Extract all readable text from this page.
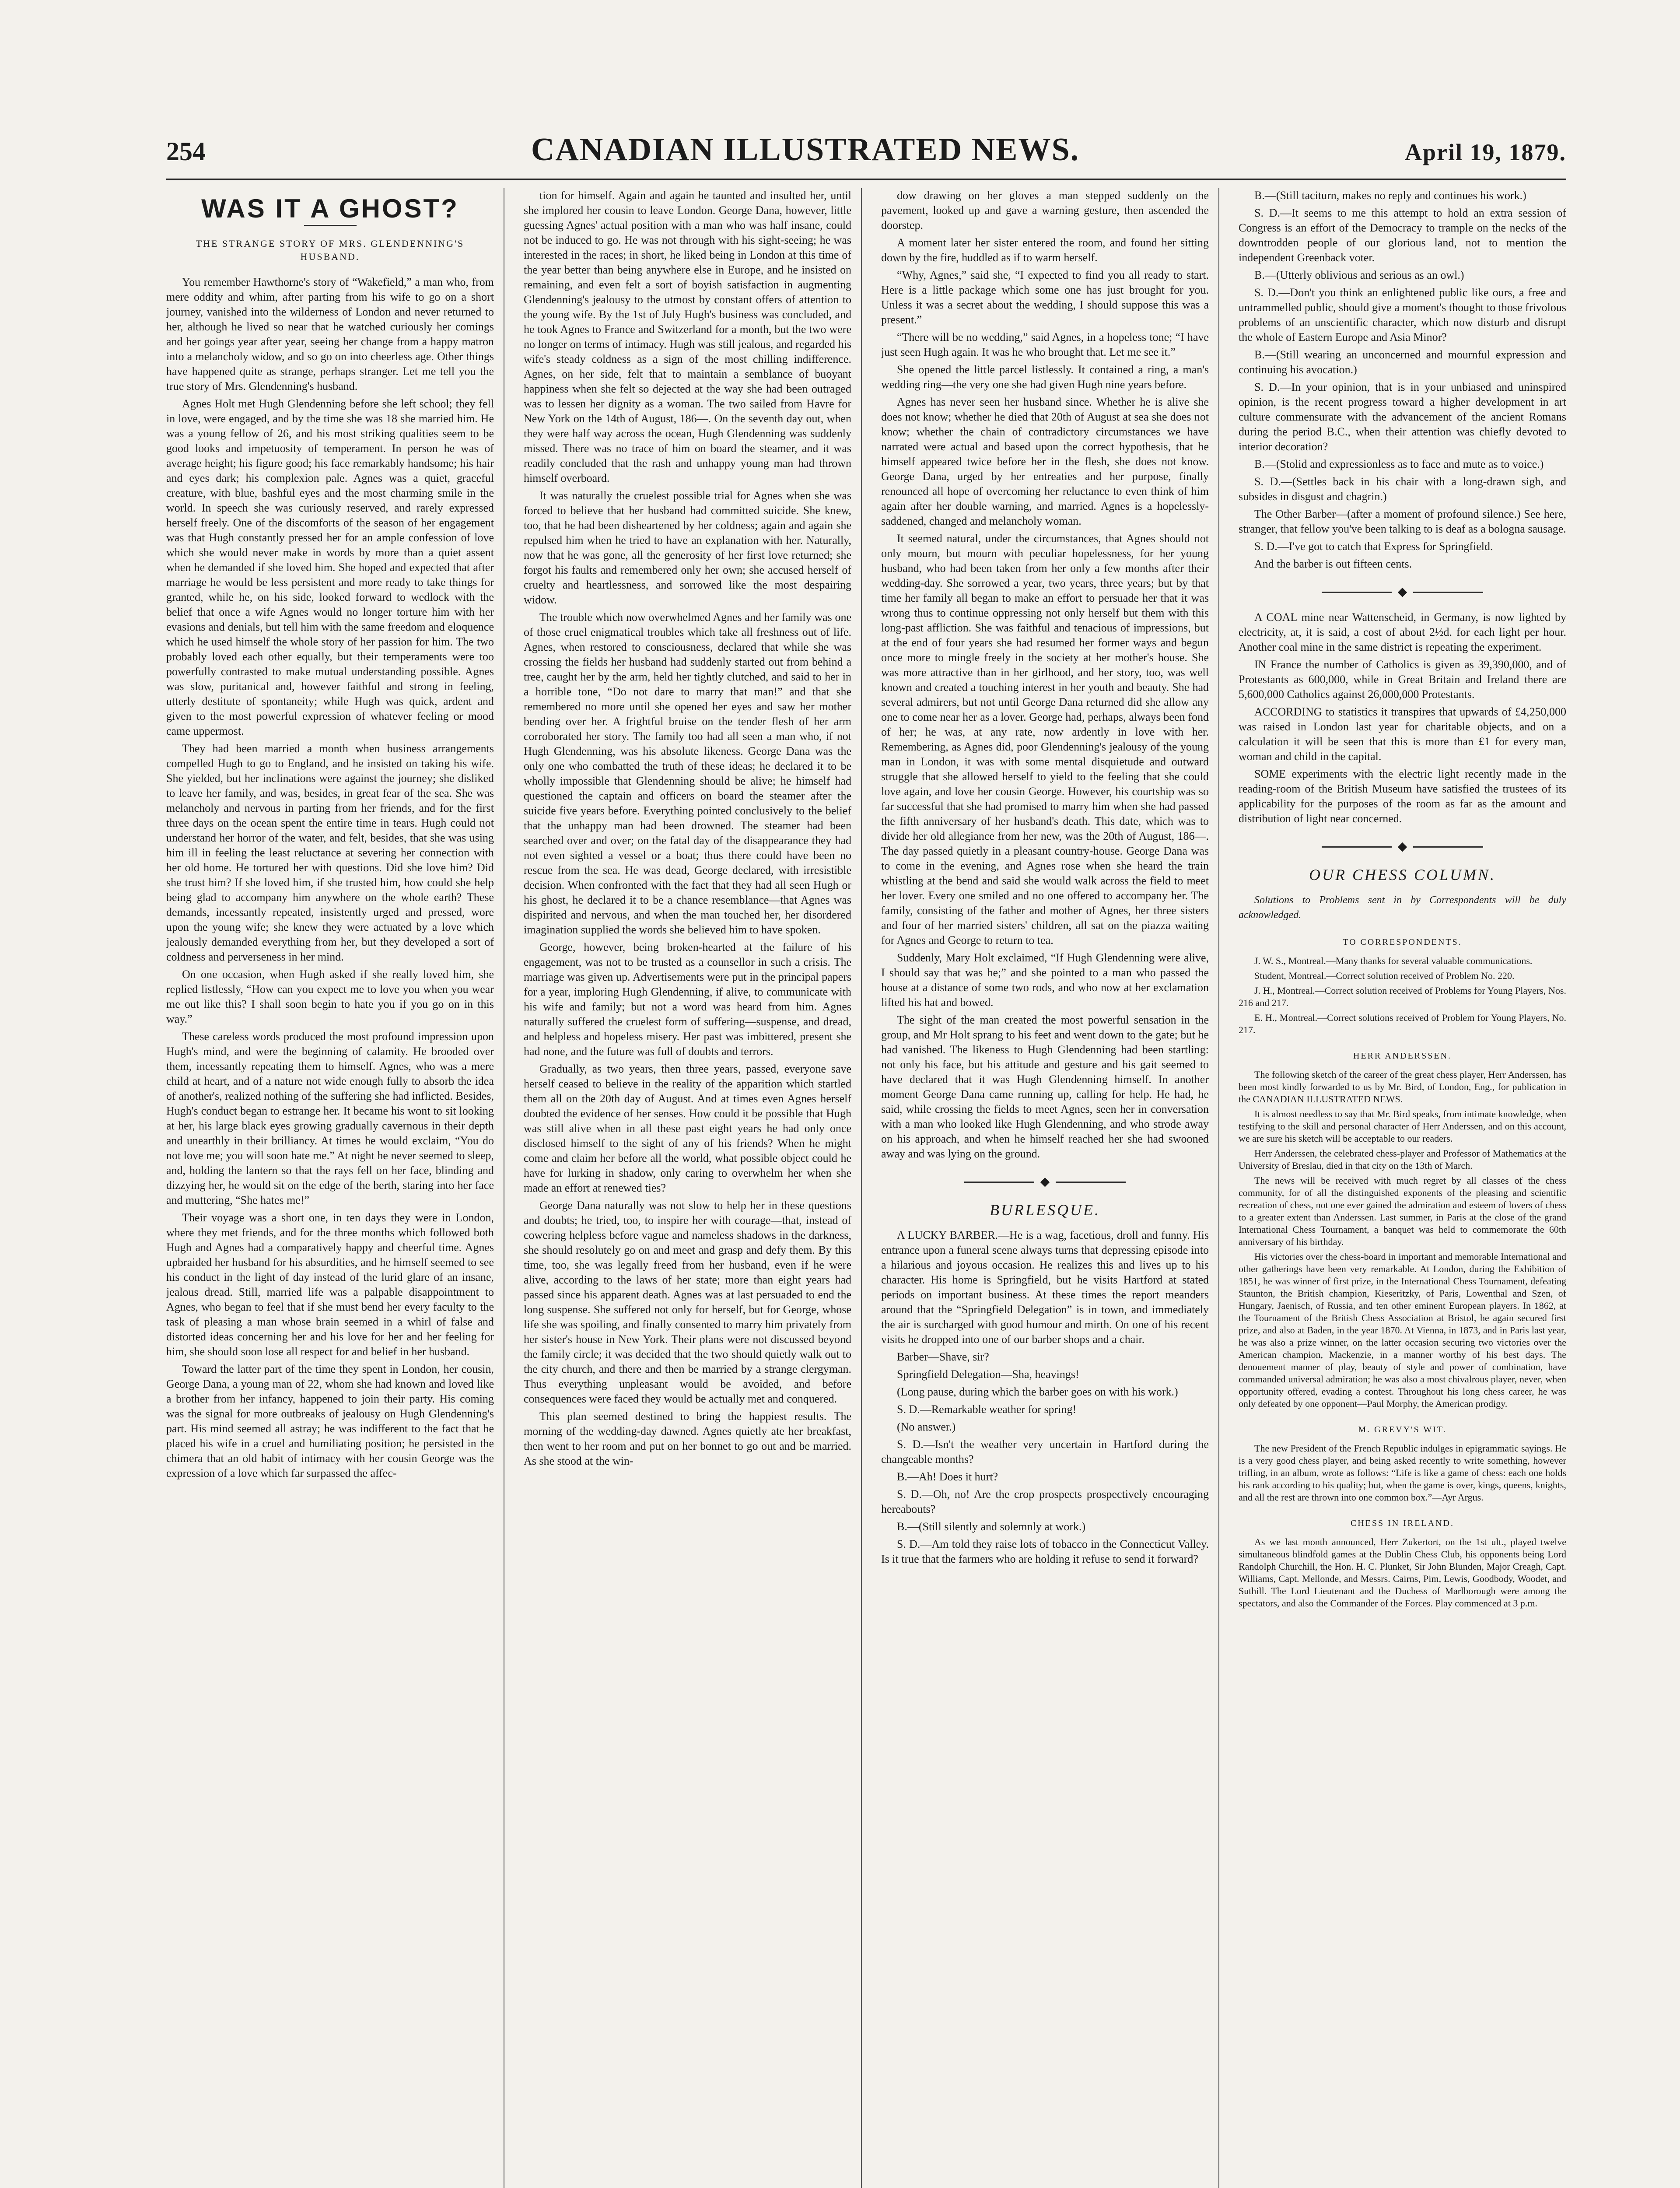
254	CANADIAN ILLUSTRATED NEWS.	April 19, 1879.
WAS IT A GHOST?
THE STRANGE STORY OF MRS. GLENDENNING'S HUSBAND.

You remember Hawthorne's story of “Wakefield,” a man who, from mere oddity and whim, after parting from his wife to go on a short journey, vanished into the wilderness of London and never returned to her, although he lived so near that he watched curiously her comings and her goings year after year, seeing her change from a happy matron into a melancholy widow, and so go on into cheerless age. Other things have happened quite as strange, perhaps stranger. Let me tell you the true story of Mrs. Glendenning's husband.

Agnes Holt met Hugh Glendenning before she left school; they fell in love, were engaged, and by the time she was 18 she married him. He was a young fellow of 26, and his most striking qualities seem to be good looks and impetuosity of temperament. In person he was of average height; his figure good; his face remarkably handsome; his hair and eyes dark; his complexion pale. Agnes was a quiet, graceful creature, with blue, bashful eyes and the most charming smile in the world. In speech she was curiously reserved, and rarely expressed herself freely. One of the discomforts of the season of her engagement was that Hugh constantly pressed her for an ample confession of love which she would never make in words by more than a quiet assent when he demanded if she loved him. She hoped and expected that after marriage he would be less persistent and more ready to take things for granted, while he, on his side, looked forward to wedlock with the belief that once a wife Agnes would no longer torture him with her evasions and denials, but tell him with the same freedom and eloquence which he used himself the whole story of her passion for him. The two probably loved each other equally, but their temperaments were too powerfully contrasted to make mutual understanding possible. Agnes was slow, puritanical and, however faithful and strong in feeling, utterly destitute of spontaneity; while Hugh was quick, ardent and given to the most powerful expression of whatever feeling or mood came uppermost.

They had been married a month when business arrangements compelled Hugh to go to England, and he insisted on taking his wife. She yielded, but her inclinations were against the journey; she disliked to leave her family, and was, besides, in great fear of the sea. She was melancholy and nervous in parting from her friends, and for the first three days on the ocean spent the entire time in tears. Hugh could not understand her horror of the water, and felt, besides, that she was using him ill in feeling the least reluctance at severing her connection with her old home. He tortured her with questions. Did she love him? Did she trust him? If she loved him, if she trusted him, how could she help being glad to accompany him anywhere on the whole earth? These demands, incessantly repeated, insistently urged and pressed, wore upon the young wife; she knew they were actuated by a love which jealously demanded everything from her, but they developed a sort of coldness and perverseness in her mind.

On one occasion, when Hugh asked if she really loved him, she replied listlessly, “How can you expect me to love you when you wear me out like this? I shall soon begin to hate you if you go on in this way.”

These careless words produced the most profound impression upon Hugh's mind, and were the beginning of calamity. He brooded over them, incessantly repeating them to himself. Agnes, who was a mere child at heart, and of a nature not wide enough fully to absorb the idea of another's, realized nothing of the suffering she had inflicted. Besides, Hugh's conduct began to estrange her. It became his wont to sit looking at her, his large black eyes growing gradually cavernous in their depth and unearthly in their brilliancy. At times he would exclaim, “You do not love me; you will soon hate me.” At night he never seemed to sleep, and, holding the lantern so that the rays fell on her face, blinding and dizzying her, he would sit on the edge of the berth, staring into her face and muttering, “She hates me!”

Their voyage was a short one, in ten days they were in London, where they met friends, and for the three months which followed both Hugh and Agnes had a comparatively happy and cheerful time. Agnes upbraided her husband for his absurdities, and he himself seemed to see his conduct in the light of day instead of the lurid glare of an insane, jealous dread. Still, married life was a palpable disappointment to Agnes, who began to feel that if she must bend her every faculty to the task of pleasing a man whose brain seemed in a whirl of false and distorted ideas concerning her and his love for her and her feeling for him, she should soon lose all respect for and belief in her husband.

Toward the latter part of the time they spent in London, her cousin, George Dana, a young man of 22, whom she had known and loved like a brother from her infancy, happened to join their party. His coming was the signal for more outbreaks of jealousy on Hugh Glendenning's part. His mind seemed all astray; he was indifferent to the fact that he placed his wife in a cruel and humiliating position; he persisted in the chimera that an old habit of intimacy with her cousin George was the expression of a love which far surpassed the affec-

tion for himself. Again and again he taunted and insulted her, until she implored her cousin to leave London. George Dana, however, little guessing Agnes' actual position with a man who was half insane, could not be induced to go. He was not through with his sight-seeing; he was interested in the races; in short, he liked being in London at this time of the year better than being anywhere else in Europe, and he insisted on remaining, and even felt a sort of boyish satisfaction in augmenting Glendenning's jealousy to the utmost by constant offers of attention to the young wife. By the 1st of July Hugh's business was concluded, and he took Agnes to France and Switzerland for a month, but the two were no longer on terms of intimacy. Hugh was still jealous, and regarded his wife's steady coldness as a sign of the most chilling indifference. Agnes, on her side, felt that to maintain a semblance of buoyant happiness when she felt so dejected at the way she had been outraged was to lessen her dignity as a woman. The two sailed from Havre for New York on the 14th of August, 186—. On the seventh day out, when they were half way across the ocean, Hugh Glendenning was suddenly missed. There was no trace of him on board the steamer, and it was readily concluded that the rash and unhappy young man had thrown himself overboard.

It was naturally the cruelest possible trial for Agnes when she was forced to believe that her husband had committed suicide. She knew, too, that he had been disheartened by her coldness; again and again she repulsed him when he tried to have an explanation with her. Naturally, now that he was gone, all the generosity of her first love returned; she forgot his faults and remembered only her own; she accused herself of cruelty and heartlessness, and sorrowed like the most despairing widow.

The trouble which now overwhelmed Agnes and her family was one of those cruel enigmatical troubles which take all freshness out of life. Agnes, when restored to consciousness, declared that while she was crossing the fields her husband had suddenly started out from behind a tree, caught her by the arm, held her tightly clutched, and said to her in a horrible tone, “Do not dare to marry that man!” and that she remembered no more until she opened her eyes and saw her mother bending over her. A frightful bruise on the tender flesh of her arm corroborated her story. The family too had all seen a man who, if not Hugh Glendenning, was his absolute likeness. George Dana was the only one who combatted the truth of these ideas; he declared it to be wholly impossible that Glendenning should be alive; he himself had questioned the captain and officers on board the steamer after the suicide five years before. Everything pointed conclusively to the belief that the unhappy man had been drowned. The steamer had been searched over and over; on the fatal day of the disappearance they had not even sighted a vessel or a boat; thus there could have been no rescue from the sea. He was dead, George declared, with irresistible decision. When confronted with the fact that they had all seen Hugh or his ghost, he declared it to be a chance resemblance—that Agnes was dispirited and nervous, and when the man touched her, her disordered imagination supplied the words she believed him to have spoken.

George, however, being broken-hearted at the failure of his engagement, was not to be trusted as a counsellor in such a crisis. The marriage was given up. Advertisements were put in the principal papers for a year, imploring Hugh Glendenning, if alive, to communicate with his wife and family; but not a word was heard from him. Agnes naturally suffered the cruelest form of suffering—suspense, and dread, and helpless and hopeless misery. Her past was imbittered, present she had none, and the future was full of doubts and terrors.

Gradually, as two years, then three years, passed, everyone save herself ceased to believe in the reality of the apparition which startled them all on the 20th day of August. And at times even Agnes herself doubted the evidence of her senses. How could it be possible that Hugh was still alive when in all these past eight years he had only once disclosed himself to the sight of any of his friends? When he might come and claim her before all the world, what possible object could he have for lurking in shadow, only caring to overwhelm her when she made an effort at renewed ties?

George Dana naturally was not slow to help her in these questions and doubts; he tried, too, to inspire her with courage—that, instead of cowering helpless before vague and nameless shadows in the darkness, she should resolutely go on and meet and grasp and defy them. By this time, too, she was legally freed from her husband, even if he were alive, according to the laws of her state; more than eight years had passed since his apparent death. Agnes was at last persuaded to end the long suspense. She suffered not only for herself, but for George, whose life she was spoiling, and finally consented to marry him privately from her sister's house in New York. Their plans were not discussed beyond the family circle; it was decided that the two should quietly walk out to the city church, and there and then be married by a strange clergyman. Thus everything unpleasant would be avoided, and before consequences were faced they would be actually met and conquered.

This plan seemed destined to bring the happiest results. The morning of the wedding-day dawned. Agnes quietly ate her breakfast, then went to her room and put on her bonnet to go out and be married. As she stood at the win-

dow drawing on her gloves a man stepped suddenly on the pavement, looked up and gave a warning gesture, then ascended the doorstep.

A moment later her sister entered the room, and found her sitting down by the fire, huddled as if to warm herself.

“Why, Agnes,” said she, “I expected to find you all ready to start. Here is a little package which some one has just brought for you. Unless it was a secret about the wedding, I should suppose this was a present.”

“There will be no wedding,” said Agnes, in a hopeless tone; “I have just seen Hugh again. It was he who brought that. Let me see it.”

She opened the little parcel listlessly. It contained a ring, a man's wedding ring—the very one she had given Hugh nine years before.

Agnes has never seen her husband since. Whether he is alive she does not know; whether he died that 20th of August at sea she does not know; whether the chain of contradictory circumstances we have narrated were actual and based upon the correct hypothesis, that he himself appeared twice before her in the flesh, she does not know. George Dana, urged by her entreaties and her purpose, finally renounced all hope of overcoming her reluctance to even think of him again after her double warning, and married. Agnes is a hopelessly-saddened, changed and melancholy woman.

It seemed natural, under the circumstances, that Agnes should not only mourn, but mourn with peculiar hopelessness, for her young husband, who had been taken from her only a few months after their wedding-day. She sorrowed a year, two years, three years; but by that time her family all began to make an effort to persuade her that it was wrong thus to continue oppressing not only herself but them with this long-past affliction. She was faithful and tenacious of impressions, but at the end of four years she had resumed her former ways and begun once more to mingle freely in the society at her mother's house. She was more attractive than in her girlhood, and her story, too, was well known and created a touching interest in her youth and beauty. She had several admirers, but not until George Dana returned did she allow any one to come near her as a lover. George had, perhaps, always been fond of her; he was, at any rate, now ardently in love with her. Remembering, as Agnes did, poor Glendenning's jealousy of the young man in London, it was with some mental disquietude and outward struggle that she allowed herself to yield to the feeling that she could love again, and love her cousin George. However, his courtship was so far successful that she had promised to marry him when she had passed the fifth anniversary of her husband's death. This date, which was to divide her old allegiance from her new, was the 20th of August, 186—. The day passed quietly in a pleasant country-house. George Dana was to come in the evening, and Agnes rose when she heard the train whistling at the bend and said she would walk across the field to meet her lover. Every one smiled and no one offered to accompany her. The family, consisting of the father and mother of Agnes, her three sisters and four of her married sisters' children, all sat on the piazza waiting for Agnes and George to return to tea.

Suddenly, Mary Holt exclaimed, “If Hugh Glendenning were alive, I should say that was he;” and she pointed to a man who passed the house at a distance of some two rods, and who now at her exclamation lifted his hat and bowed.

The sight of the man created the most powerful sensation in the group, and Mr Holt sprang to his feet and went down to the gate; but he had vanished. The likeness to Hugh Glendenning had been startling: not only his face, but his attitude and gesture and his gait seemed to have declared that it was Hugh Glendenning himself. In another moment George Dana came running up, calling for help. He had, he said, while crossing the fields to meet Agnes, seen her in conversation with a man who looked like Hugh Glendenning, and who strode away on his approach, and when he himself reached her she had swooned away and was lying on the ground.

◆
BURLESQUE.

A LUCKY BARBER.—He is a wag, facetious, droll and funny. His entrance upon a funeral scene always turns that depressing episode into a hilarious and joyous occasion. He realizes this and lives up to his character. His home is Springfield, but he visits Hartford at stated periods on important business. At these times the report meanders around that the “Springfield Delegation” is in town, and immediately the air is surcharged with good humour and mirth. On one of his recent visits he dropped into one of our barber shops and a chair.

Barber—Shave, sir?

Springfield Delegation—Sha, heavings!

(Long pause, during which the barber goes on with his work.)

S. D.—Remarkable weather for spring!

(No answer.)

S. D.—Isn't the weather very uncertain in Hartford during the changeable months?

B.—Ah! Does it hurt?

S. D.—Oh, no! Are the crop prospects prospectively encouraging hereabouts?

B.—(Still silently and solemnly at work.)

S. D.—Am told they raise lots of tobacco in the Connecticut Valley. Is it true that the farmers who are holding it refuse to send it forward?

B.—(Still taciturn, makes no reply and continues his work.)

S. D.—It seems to me this attempt to hold an extra session of Congress is an effort of the Democracy to trample on the necks of the downtrodden people of our glorious land, not to mention the independent Greenback voter.

B.—(Utterly oblivious and serious as an owl.)

S. D.—Don't you think an enlightened public like ours, a free and untrammelled public, should give a moment's thought to those frivolous problems of an unscientific character, which now disturb and disrupt the whole of Eastern Europe and Asia Minor?

B.—(Still wearing an unconcerned and mournful expression and continuing his avocation.)

S. D.—In your opinion, that is in your unbiased and uninspired opinion, is the recent progress toward a higher development in art culture commensurate with the advancement of the ancient Romans during the period B.C., when their attention was chiefly devoted to interior decoration?

B.—(Stolid and expressionless as to face and mute as to voice.)

S. D.—(Settles back in his chair with a long-drawn sigh, and subsides in disgust and chagrin.)

The Other Barber—(after a moment of profound silence.) See here, stranger, that fellow you've been talking to is deaf as a bologna sausage.

S. D.—I've got to catch that Express for Springfield.

And the barber is out fifteen cents.

◆

A COAL mine near Wattenscheid, in Germany, is now lighted by electricity, at, it is said, a cost of about 2½d. for each light per hour. Another coal mine in the same district is repeating the experiment.

IN France the number of Catholics is given as 39,390,000, and of Protestants as 600,000, while in Great Britain and Ireland there are 5,600,000 Catholics against 26,000,000 Protestants.

ACCORDING to statistics it transpires that upwards of £4,250,000 was raised in London last year for charitable objects, and on a calculation it will be seen that this is more than £1 for every man, woman and child in the capital.

SOME experiments with the electric light recently made in the reading-room of the British Museum have satisfied the trustees of its applicability for the purposes of the room as far as the amount and distribution of light near concerned.

◆
OUR CHESS COLUMN.

Solutions to Problems sent in by Correspondents will be duly acknowledged.

TO CORRESPONDENTS.

J. W. S., Montreal.—Many thanks for several valuable communications.

Student, Montreal.—Correct solution received of Problem No. 220.

J. H., Montreal.—Correct solution received of Problems for Young Players, Nos. 216 and 217.

E. H., Montreal.—Correct solutions received of Problem for Young Players, No. 217.

HERR ANDERSSEN.

The following sketch of the career of the great chess player, Herr Anderssen, has been most kindly forwarded to us by Mr. Bird, of London, Eng., for publication in the CANADIAN ILLUSTRATED NEWS.

It is almost needless to say that Mr. Bird speaks, from intimate knowledge, when testifying to the skill and personal character of Herr Anderssen, and on this account, we are sure his sketch will be acceptable to our readers.

Herr Anderssen, the celebrated chess-player and Professor of Mathematics at the University of Breslau, died in that city on the 13th of March.

The news will be received with much regret by all classes of the chess community, for of all the distinguished exponents of the pleasing and scientific recreation of chess, not one ever gained the admiration and esteem of lovers of chess to a greater extent than Anderssen. Last summer, in Paris at the close of the grand International Chess Tournament, a banquet was held to commemorate the 60th anniversary of his birthday.

His victories over the chess-board in important and memorable International and other gatherings have been very remarkable. At London, during the Exhibition of 1851, he was winner of first prize, in the International Chess Tournament, defeating Staunton, the British champion, Kieseritzky, of Paris, Lowenthal and Szen, of Hungary, Jaenisch, of Russia, and ten other eminent European players. In 1862, at the Tournament of the British Chess Association at Bristol, he again secured first prize, and also at Baden, in the year 1870. At Vienna, in 1873, and in Paris last year, he was also a prize winner, on the latter occasion securing two victories over the American champion, Mackenzie, in a manner worthy of his best days. The denouement manner of play, beauty of style and power of combination, have commanded universal admiration; he was also a most chivalrous player, never, when opportunity offered, evading a contest. Throughout his long chess career, he was only defeated by one opponent—Paul Morphy, the American prodigy.

M. GREVY'S WIT.

The new President of the French Republic indulges in epigrammatic sayings. He is a very good chess player, and being asked recently to write something, however trifling, in an album, wrote as follows: “Life is like a game of chess: each one holds his rank according to his quality; but, when the game is over, kings, queens, knights, and all the rest are thrown into one common box.”—Ayr Argus.

CHESS IN IRELAND.

As we last month announced, Herr Zukertort, on the 1st ult., played twelve simultaneous blindfold games at the Dublin Chess Club, his opponents being Lord Randolph Churchill, the Hon. H. C. Plunket, Sir John Blunden, Major Creagh, Capt. Williams, Capt. Mellonde, and Messrs. Cairns, Pim, Lewis, Goodbody, Woodet, and Suthill. The Lord Lieutenant and the Duchess of Marlborough were among the spectators, and also the Commander of the Forces. Play commenced at 3 p.m.
